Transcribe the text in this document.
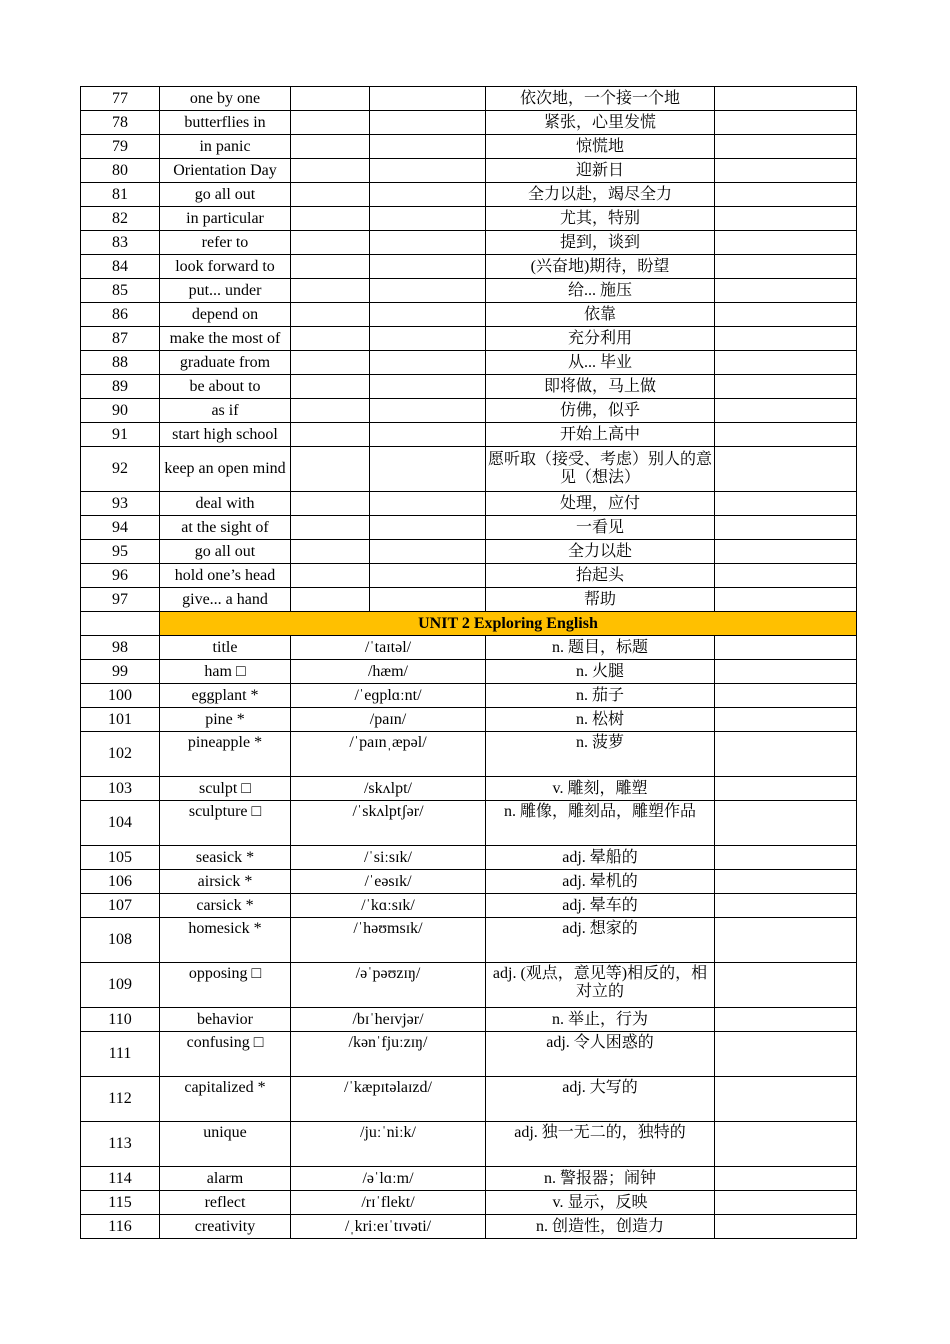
77	one by one			依次地，一个接一个地	
78	butterflies in			紧张，心里发慌	
79	in panic			惊慌地	
80	Orientation Day			迎新日	
81	go all out			全力以赴，竭尽全力	
82	in particular			尤其，特别	
83	refer to			提到，谈到	
84	look forward to			(兴奋地)期待，盼望	
85	put... under			给... 施压	
86	depend on			依靠	
87	make the most of			充分利用	
88	graduate from			从... 毕业	
89	be about to			即将做，马上做	
90	as if			仿佛，似乎	
91	start high school			开始上高中	
92	keep an open mind			愿听取（接受、考虑）别人的意见（想法）	
93	deal with			处理，应付	
94	at the sight of			一看见	
95	go all out			全力以赴	
96	hold one’s head			抬起头	
97	give... a hand			帮助	
	UNIT 2 Exploring English				
98	title	/ˈtaɪtəl/		n. 题目，标题	
99	ham □	/hæm/		n. 火腿	
100	eggplant *	/ˈeɡplɑːnt/		n. 茄子	
101	pine *	/paɪn/		n. 松树	
102	pineapple *	/ˈpaɪnˌæpəl/		n. 菠萝	
103	sculpt □	/skʌlpt/		v. 雕刻，雕塑	
104	sculpture □	/ˈskʌlptʃər/		n. 雕像，雕刻品，雕塑作品	
105	seasick *	/ˈsiːsɪk/		adj. 晕船的	
106	airsick *	/ˈeəsɪk/		adj. 晕机的	
107	carsick *	/ˈkɑːsɪk/		adj. 晕车的	
108	homesick *	/ˈhəʊmsɪk/		adj. 想家的	
109	opposing □	/əˈpəʊzɪŋ/		adj. (观点，意见等)相反的，相对立的	
110	behavior	/bɪˈheɪvjər/		n. 举止，行为	
111	confusing □	/kənˈfjuːzɪŋ/		adj. 令人困惑的	
112	capitalized *	/ˈkæpɪtəlaɪzd/		adj. 大写的	
113	unique	/juːˈniːk/		adj. 独一无二的，独特的	
114	alarm	/əˈlɑːm/		n. 警报器；闹钟	
115	reflect	/rɪˈflekt/		v. 显示，反映	
116	creativity	/ˌkriːeɪˈtɪvəti/		n. 创造性，创造力	
